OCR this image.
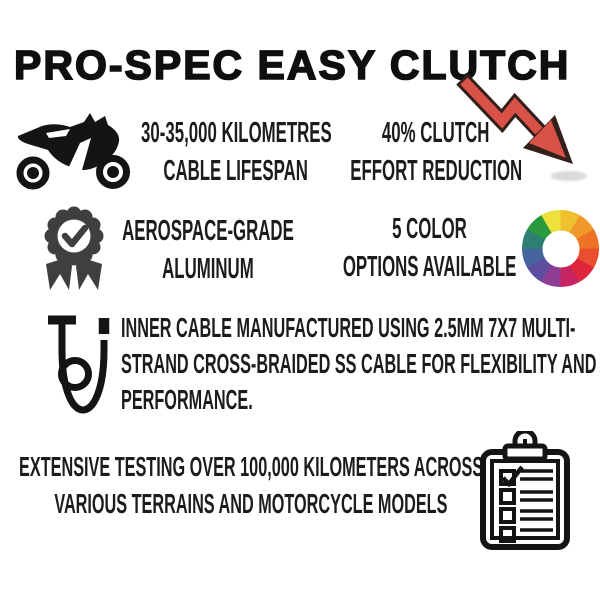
PRO-SPEC EASY CLUTCH
30-35,000 KILOMETRES
CABLE LIFESPAN
40% CLUTCH
EFFORT REDUCTION
AEROSPACE-GRADE
ALUMINUM
5 COLOR
OPTIONS AVAILABLE
INNER CABLE MANUFACTURED USING 2.5MM 7X7 MULTI-
STRAND CROSS-BRAIDED SS CABLE FOR FLEXIBILITY AND
PERFORMANCE.
EXTENSIVE TESTING OVER 100,000 KILOMETERS ACROSS
VARIOUS TERRAINS AND MOTORCYCLE MODELS
